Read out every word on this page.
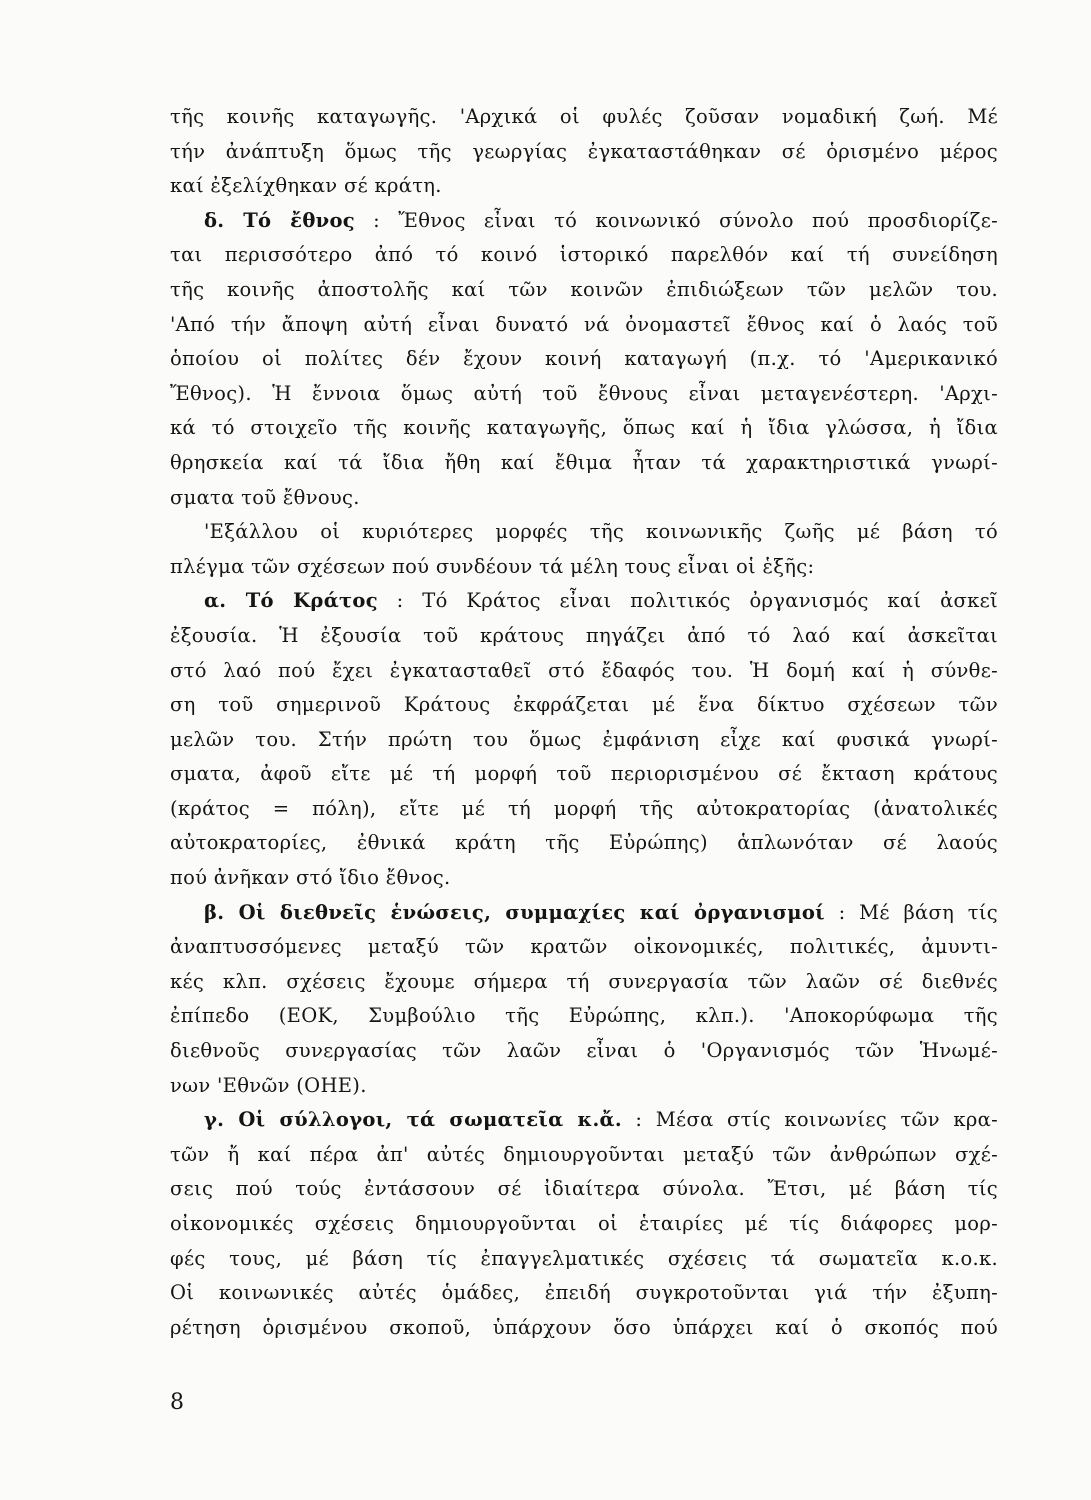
τῆς κοινῆς καταγωγῆς. 'Αρχικά οἱ φυλές ζοῦσαν νομαδική ζωή. Μέ
τήν ἀνάπτυξη ὅμως τῆς γεωργίας ἐγκαταστάθηκαν σέ ὁρισμένο μέρος
καί ἐξελίχθηκαν σέ κράτη.
δ. Τό ἔθνος : Ἔθνος εἶναι τό κοινωνικό σύνολο πού προσδιορίζε-
ται περισσότερο ἀπό τό κοινό ἱστορικό παρελθόν καί τή συνείδηση
τῆς κοινῆς ἀποστολῆς καί τῶν κοινῶν ἐπιδιώξεων τῶν μελῶν του.
'Από τήν ἄποψη αὐτή εἶναι δυνατό νά ὀνομαστεῖ ἔθνος καί ὁ λαός τοῦ
ὁποίου οἱ πολίτες δέν ἔχουν κοινή καταγωγή (π.χ. τό 'Αμερικανικό
Ἔθνος). Ἡ ἔννοια ὅμως αὐτή τοῦ ἔθνους εἶναι μεταγενέστερη. 'Αρχι-
κά τό στοιχεῖο τῆς κοινῆς καταγωγῆς, ὅπως καί ἡ ἴδια γλώσσα, ἡ ἴδια
θρησκεία καί τά ἴδια ἤθη καί ἔθιμα ἦταν τά χαρακτηριστικά γνωρί-
σματα τοῦ ἔθνους.
'Εξάλλου οἱ κυριότερες μορφές τῆς κοινωνικῆς ζωῆς μέ βάση τό
πλέγμα τῶν σχέσεων πού συνδέουν τά μέλη τους εἶναι οἱ ἑξῆς:
α. Τό Κράτος : Τό Κράτος εἶναι πολιτικός ὀργανισμός καί ἀσκεῖ
ἐξουσία. Ἡ ἐξουσία τοῦ κράτους πηγάζει ἀπό τό λαό καί ἀσκεῖται
στό λαό πού ἔχει ἐγκατασταθεῖ στό ἔδαφός του. Ἡ δομή καί ἡ σύνθε-
ση τοῦ σημερινοῦ Κράτους ἐκφράζεται μέ ἕνα δίκτυο σχέσεων τῶν
μελῶν του. Στήν πρώτη του ὅμως ἐμφάνιση εἶχε καί φυσικά γνωρί-
σματα, ἀφοῦ εἴτε μέ τή μορφή τοῦ περιορισμένου σέ ἔκταση κράτους
(κράτος = πόλη), εἴτε μέ τή μορφή τῆς αὐτοκρατορίας (ἀνατολικές
αὐτοκρατορίες, ἐθνικά κράτη τῆς Εὐρώπης) ἁπλωνόταν σέ λαούς
πού ἀνῆκαν στό ἴδιο ἔθνος.
β. Οἱ διεθνεῖς ἑνώσεις, συμμαχίες καί ὀργανισμοί : Μέ βάση τίς
ἀναπτυσσόμενες μεταξύ τῶν κρατῶν οἰκονομικές, πολιτικές, ἀμυντι-
κές κλπ. σχέσεις ἔχουμε σήμερα τή συνεργασία τῶν λαῶν σέ διεθνές
ἐπίπεδο (ΕΟΚ, Συμβούλιο τῆς Εὐρώπης, κλπ.). 'Αποκορύφωμα τῆς
διεθνοῦς συνεργασίας τῶν λαῶν εἶναι ὁ 'Οργανισμός τῶν Ἡνωμέ-
νων 'Εθνῶν (ΟΗΕ).
γ. Οἱ σύλλογοι, τά σωματεῖα κ.ἄ. : Μέσα στίς κοινωνίες τῶν κρα-
τῶν ἤ καί πέρα ἀπ' αὐτές δημιουργοῦνται μεταξύ τῶν ἀνθρώπων σχέ-
σεις πού τούς ἐντάσσουν σέ ἰδιαίτερα σύνολα. Ἔτσι, μέ βάση τίς
οἰκονομικές σχέσεις δημιουργοῦνται οἱ ἑταιρίες μέ τίς διάφορες μορ-
φές τους, μέ βάση τίς ἐπαγγελματικές σχέσεις τά σωματεῖα κ.ο.κ.
Οἱ κοινωνικές αὐτές ὁμάδες, ἐπειδή συγκροτοῦνται γιά τήν ἐξυπη-
ρέτηση ὁρισμένου σκοποῦ, ὑπάρχουν ὅσο ὑπάρχει καί ὁ σκοπός πού
8
